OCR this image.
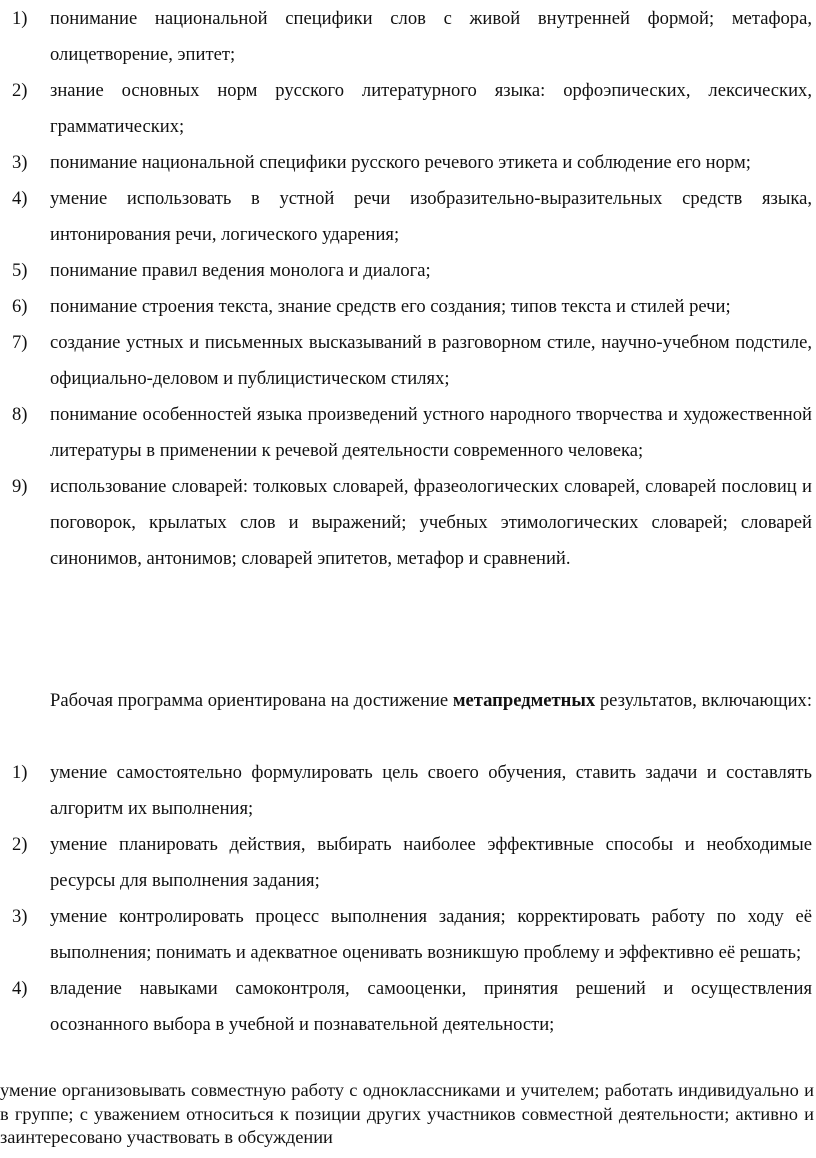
1) понимание национальной специфики слов с живой внутренней формой; метафора, олицетворение, эпитет;
2) знание основных норм русского литературного языка: орфоэпических, лексических, грамматических;
3) понимание национальной специфики русского речевого этикета и соблюдение его норм;
4) умение использовать в устной речи изобразительно-выразительных средств языка, интонирования речи, логического ударения;
5) понимание правил ведения монолога и диалога;
6) понимание строения текста, знание средств его создания; типов текста и стилей речи;
7) создание устных и письменных высказываний в разговорном стиле, научно-учебном подстиле, официально-деловом и публицистическом стилях;
8) понимание особенностей языка произведений устного народного творчества и художественной литературы в применении к речевой деятельности современного человека;
9) использование словарей: толковых словарей, фразеологических словарей, словарей пословиц и поговорок, крылатых слов и выражений; учебных этимологических словарей; словарей синонимов, антонимов; словарей эпитетов, метафор и сравнений.

Рабочая программа ориентирована на достижение метапредметных результатов, включающих:

1) умение самостоятельно формулировать цель своего обучения, ставить задачи и составлять алгоритм их выполнения;
2) умение планировать действия, выбирать наиболее эффективные способы и необходимые ресурсы для выполнения задания;
3) умение контролировать процесс выполнения задания; корректировать работу по ходу её выполнения; понимать и адекватное оценивать возникшую проблему и эффективно её решать;
4) владение навыками самоконтроля, самооценки, принятия решений и осуществления осознанного выбора в учебной и познавательной деятельности;

умение организовывать совместную работу с одноклассниками и учителем; работать индивидуально и в группе; с уважением относиться к позиции других участников совместной деятельности; активно и заинтересовано участвовать в обсуждении
